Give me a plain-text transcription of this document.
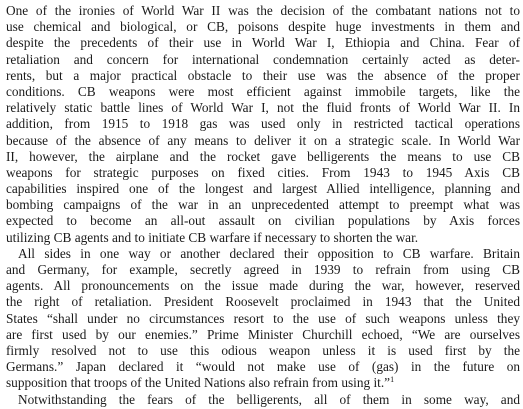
One of the ironies of World War II was the decision of the combatant nations not to
use chemical and biological, or CB, poisons despite huge investments in them and
despite the precedents of their use in World War I, Ethiopia and China. Fear of
retaliation and concern for international condemnation certainly acted as deter-
rents, but a major practical obstacle to their use was the absence of the proper
conditions. CB weapons were most efficient against immobile targets, like the
relatively static battle lines of World War I, not the fluid fronts of World War II. In
addition, from 1915 to 1918 gas was used only in restricted tactical operations
because of the absence of any means to deliver it on a strategic scale. In World War
II, however, the airplane and the rocket gave belligerents the means to use CB
weapons for strategic purposes on fixed cities. From 1943 to 1945 Axis CB
capabilities inspired one of the longest and largest Allied intelligence, planning and
bombing campaigns of the war in an unprecedented attempt to preempt what was
expected to become an all-out assault on civilian populations by Axis forces
utilizing CB agents and to initiate CB warfare if necessary to shorten the war.
All sides in one way or another declared their opposition to CB warfare. Britain
and Germany, for example, secretly agreed in 1939 to refrain from using CB
agents. All pronouncements on the issue made during the war, however, reserved
the right of retaliation. President Roosevelt proclaimed in 1943 that the United
States “shall under no circumstances resort to the use of such weapons unless they
are first used by our enemies.” Prime Minister Churchill echoed, “We are ourselves
firmly resolved not to use this odious weapon unless it is used first by the
Germans.” Japan declared it “would not make use of (gas) in the future on
supposition that troops of the United Nations also refrain from using it.”$^1$
Notwithstanding the fears of the belligerents, all of them in some way, and
